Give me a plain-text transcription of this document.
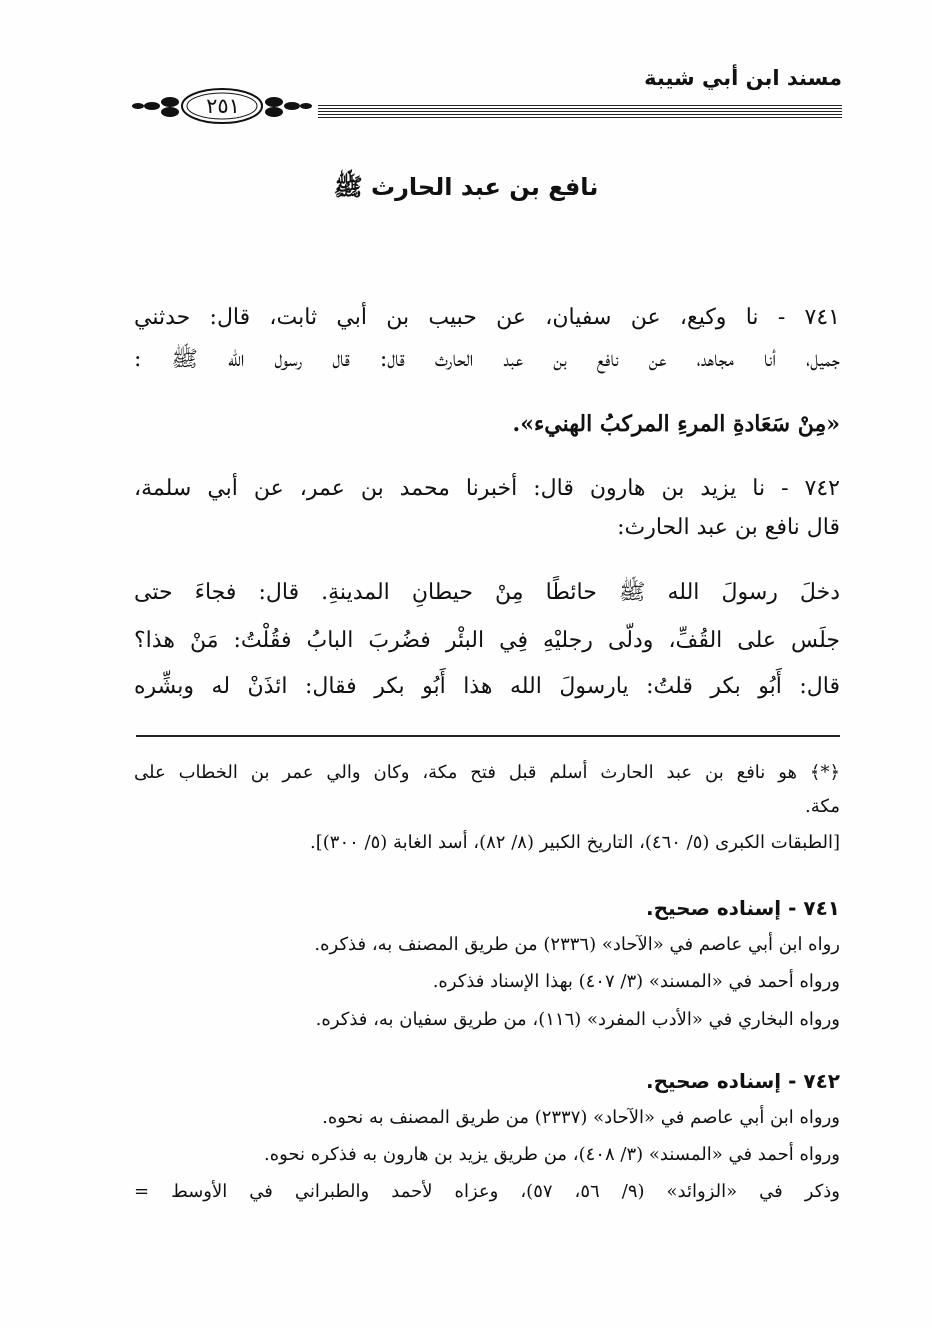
مسند ابن أبي شيبة
٢٥١
نافع بن عبد الحارث ﷺ
٧٤١ - نا وكيع، عن سفيان، عن حبيب بن أبي ثابت، قال: حدثني
جميل، أنا مجاهد، عن نافع بن عبد الحارث قال: قال رسول الله ﷺ :
«مِنْ سَعَادةِ المرءِ المركبُ الهنيء».
٧٤٢ - نا يزيد بن هارون قال: أخبرنا محمد بن عمر، عن أبي سلمة،
قال نافع بن عبد الحارث:
دخلَ رسولَ الله ﷺ حائطًا مِنْ حيطانِ المدينةِ. قال: فجاءَ حتى
جلَس على القُفِّ، ودلّى رجليْهِ فِي البئْر فضُربَ البابُ فقُلْتُ: مَنْ هذا؟
قال: أَبُو بكر قلتُ: يارسولَ الله هذا أَبُو بكر فقال: ائذَنْ له وبشِّره
﴿*﴾ هو نافع بن عبد الحارث أسلم قبل فتح مكة، وكان والي عمر بن الخطاب على
مكة.
[الطبقات الكبرى (٥/ ٤٦٠)، التاريخ الكبير (٨/ ٨٢)، أسد الغابة (٥/ ٣٠٠)].
٧٤١ - إسناده صحيح.
رواه ابن أبي عاصم في «الآحاد» (٢٣٣٦) من طريق المصنف به، فذكره.
ورواه أحمد في «المسند» (٣/ ٤٠٧) بهذا الإسناد فذكره.
ورواه البخاري في «الأدب المفرد» (١١٦)، من طريق سفيان به، فذكره.
٧٤٢ - إسناده صحيح.
ورواه ابن أبي عاصم في «الآحاد» (٢٣٣٧) من طريق المصنف به نحوه.
ورواه أحمد في «المسند» (٣/ ٤٠٨)، من طريق يزيد بن هارون به فذكره نحوه.
وذكر في «الزوائد» (٩/ ٥٦، ٥٧)، وعزاه لأحمد والطبراني في الأوسط =
